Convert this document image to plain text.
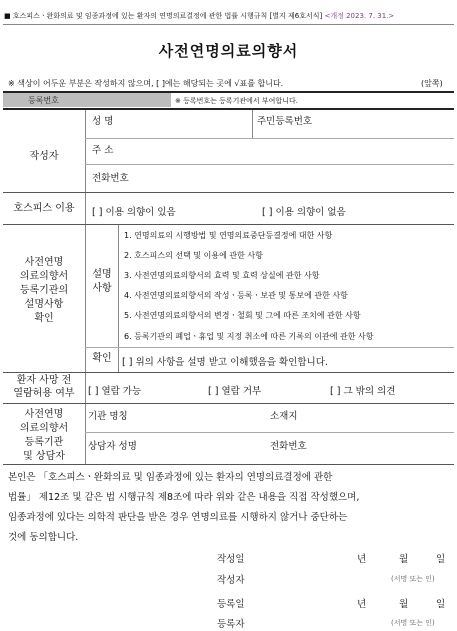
■ 호스피스ㆍ완화의료 및 임종과정에 있는 환자의 연명의료결정에 관한 법률 시행규칙 [별지 제6호서식] <개정 2023. 7. 31.>
사전연명의료의향서
※ 색상이 어두운 부분은 작성하지 않으며, [ ]에는 해당되는 곳에 √표를 합니다.	(앞쪽)
등록번호	※ 등록번호는 등록기관에서 부여합니다.
작성자
성 명	주민등록번호
주 소
전화번호
호스피스 이용	[ ] 이용 의향이 있음	[ ] 이용 의향이 없음
사전연명
의료의향서
등록기관의
설명사항
확인
설명
사항
1. 연명의료의 시행방법 및 연명의료중단등결정에 대한 사항
2. 호스피스의 선택 및 이용에 관한 사항
3. 사전연명의료의향서의 효력 및 효력 상실에 관한 사항
4. 사전연명의료의향서의 작성ㆍ등록ㆍ보관 및 통보에 관한 사항
5. 사전연명의료의향서의 변경ㆍ철회 및 그에 따른 조치에 관한 사항
6. 등록기관의 폐업ㆍ휴업 및 지정 취소에 따른 기록의 이관에 관한 사항
확인	[ ] 위의 사항을 설명 받고 이해했음을 확인합니다.
환자 사망 전
열람허용 여부	[ ] 열람 가능	[ ] 열람 거부	[ ] 그 밖의 의견
사전연명
의료의향서
등록기관
및 상담자
기관 명칭	소재지
상담자 성명	전화번호
본인은 「호스피스ㆍ완화의료 및 임종과정에 있는 환자의 연명의료결정에 관한
법률」 제12조 및 같은 법 시행규칙 제8조에 따라 위와 같은 내용을 직접 작성했으며,
임종과정에 있다는 의학적 판단을 받은 경우 연명의료를 시행하지 않거나 중단하는
것에 동의합니다.
작성일	년	월	일
작성자	(서명 또는 인)
등록일	년	월	일
등록자	(서명 또는 인)
